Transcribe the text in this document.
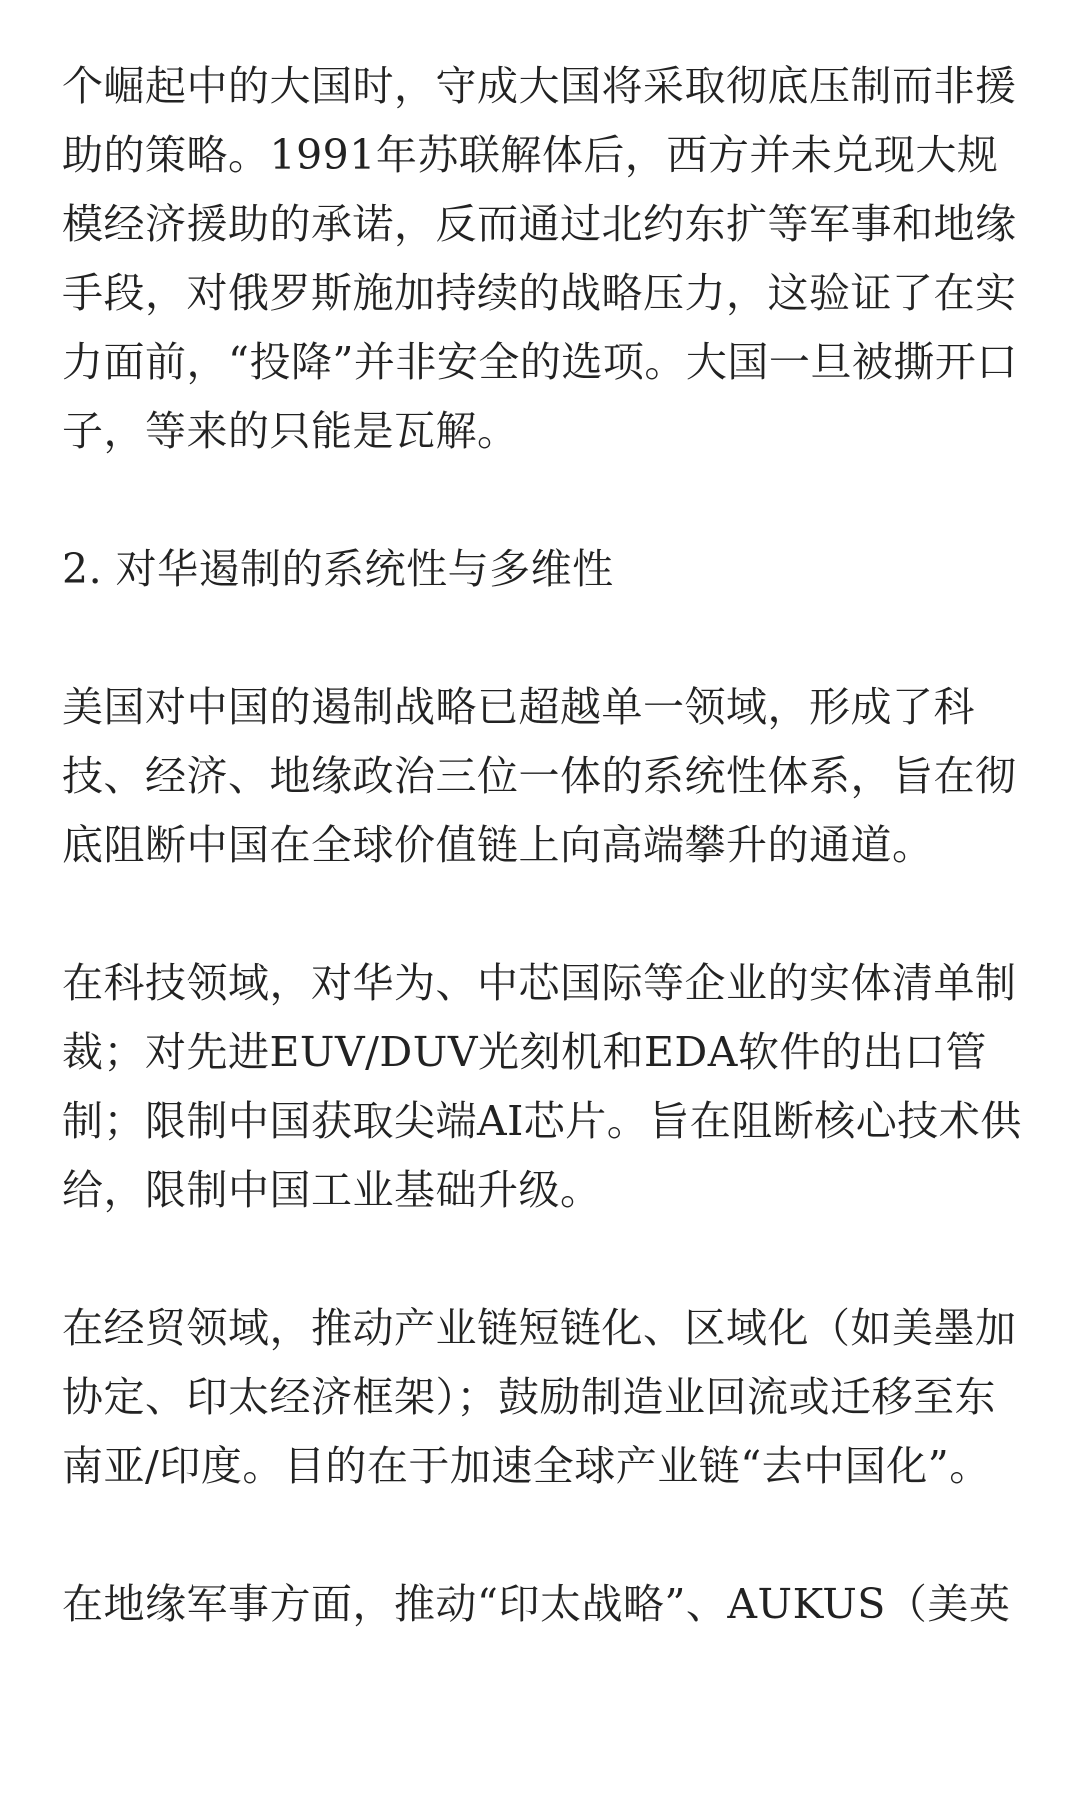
个崛起中的大国时，守成大国将采取彻底压制而非援助的策略。1991年苏联解体后，西方并未兑现大规模经济援助的承诺，反而通过北约东扩等军事和地缘手段，对俄罗斯施加持续的战略压力，这验证了在实力面前，“投降”并非安全的选项。大国一旦被撕开口子，等来的只能是瓦解。

2. 对华遏制的系统性与多维性

美国对中国的遏制战略已超越单一领域，形成了科技、经济、地缘政治三位一体的系统性体系，旨在彻底阻断中国在全球价值链上向高端攀升的通道。

在科技领域，对华为、中芯国际等企业的实体清单制裁；对先进EUV/DUV光刻机和EDA软件的出口管制；限制中国获取尖端AI芯片。旨在阻断核心技术供给，限制中国工业基础升级。

在经贸领域，推动产业链短链化、区域化（如美墨加协定、印太经济框架）；鼓励制造业回流或迁移至东南亚/印度。目的在于加速全球产业链“去中国化”。

在地缘军事方面，推动“印太战略”、AUKUS（美英
